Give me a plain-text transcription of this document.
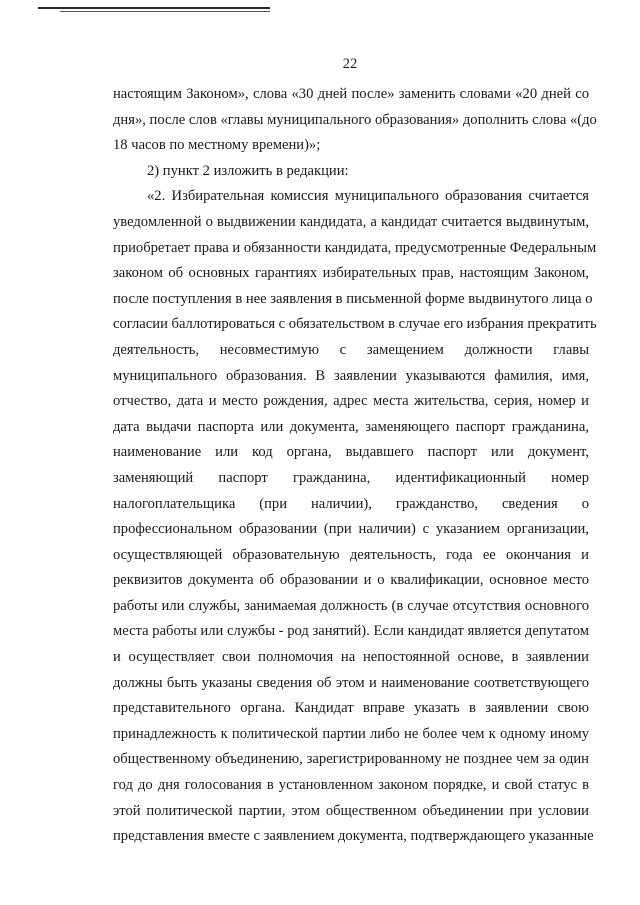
22
настоящим Законом», слова «30 дней после» заменить словами «20 дней со
дня», после слов «главы муниципального образования» дополнить слова «(до
18 часов по местному времени)»;
2) пункт 2 изложить в редакции:
«2. Избирательная комиссия муниципального образования считается
уведомленной о выдвижении кандидата, а кандидат считается выдвинутым,
приобретает права и обязанности кандидата, предусмотренные Федеральным
законом об основных гарантиях избирательных прав, настоящим Законом,
после поступления в нее заявления в письменной форме выдвинутого лица о
согласии баллотироваться с обязательством в случае его избрания прекратить
деятельность, несовместимую с замещением должности главы
муниципального образования. В заявлении указываются фамилия, имя,
отчество, дата и место рождения, адрес места жительства, серия, номер и
дата выдачи паспорта или документа, заменяющего паспорт гражданина,
наименование или код органа, выдавшего паспорт или документ,
заменяющий паспорт гражданина, идентификационный номер
налогоплательщика (при наличии), гражданство, сведения о
профессиональном образовании (при наличии) с указанием организации,
осуществляющей образовательную деятельность, года ее окончания и
реквизитов документа об образовании и о квалификации, основное место
работы или службы, занимаемая должность (в случае отсутствия основного
места работы или службы - род занятий). Если кандидат является депутатом
и осуществляет свои полномочия на непостоянной основе, в заявлении
должны быть указаны сведения об этом и наименование соответствующего
представительного органа. Кандидат вправе указать в заявлении свою
принадлежность к политической партии либо не более чем к одному иному
общественному объединению, зарегистрированному не позднее чем за один
год до дня голосования в установленном законом порядке, и свой статус в
этой политической партии, этом общественном объединении при условии
представления вместе с заявлением документа, подтверждающего указанные
